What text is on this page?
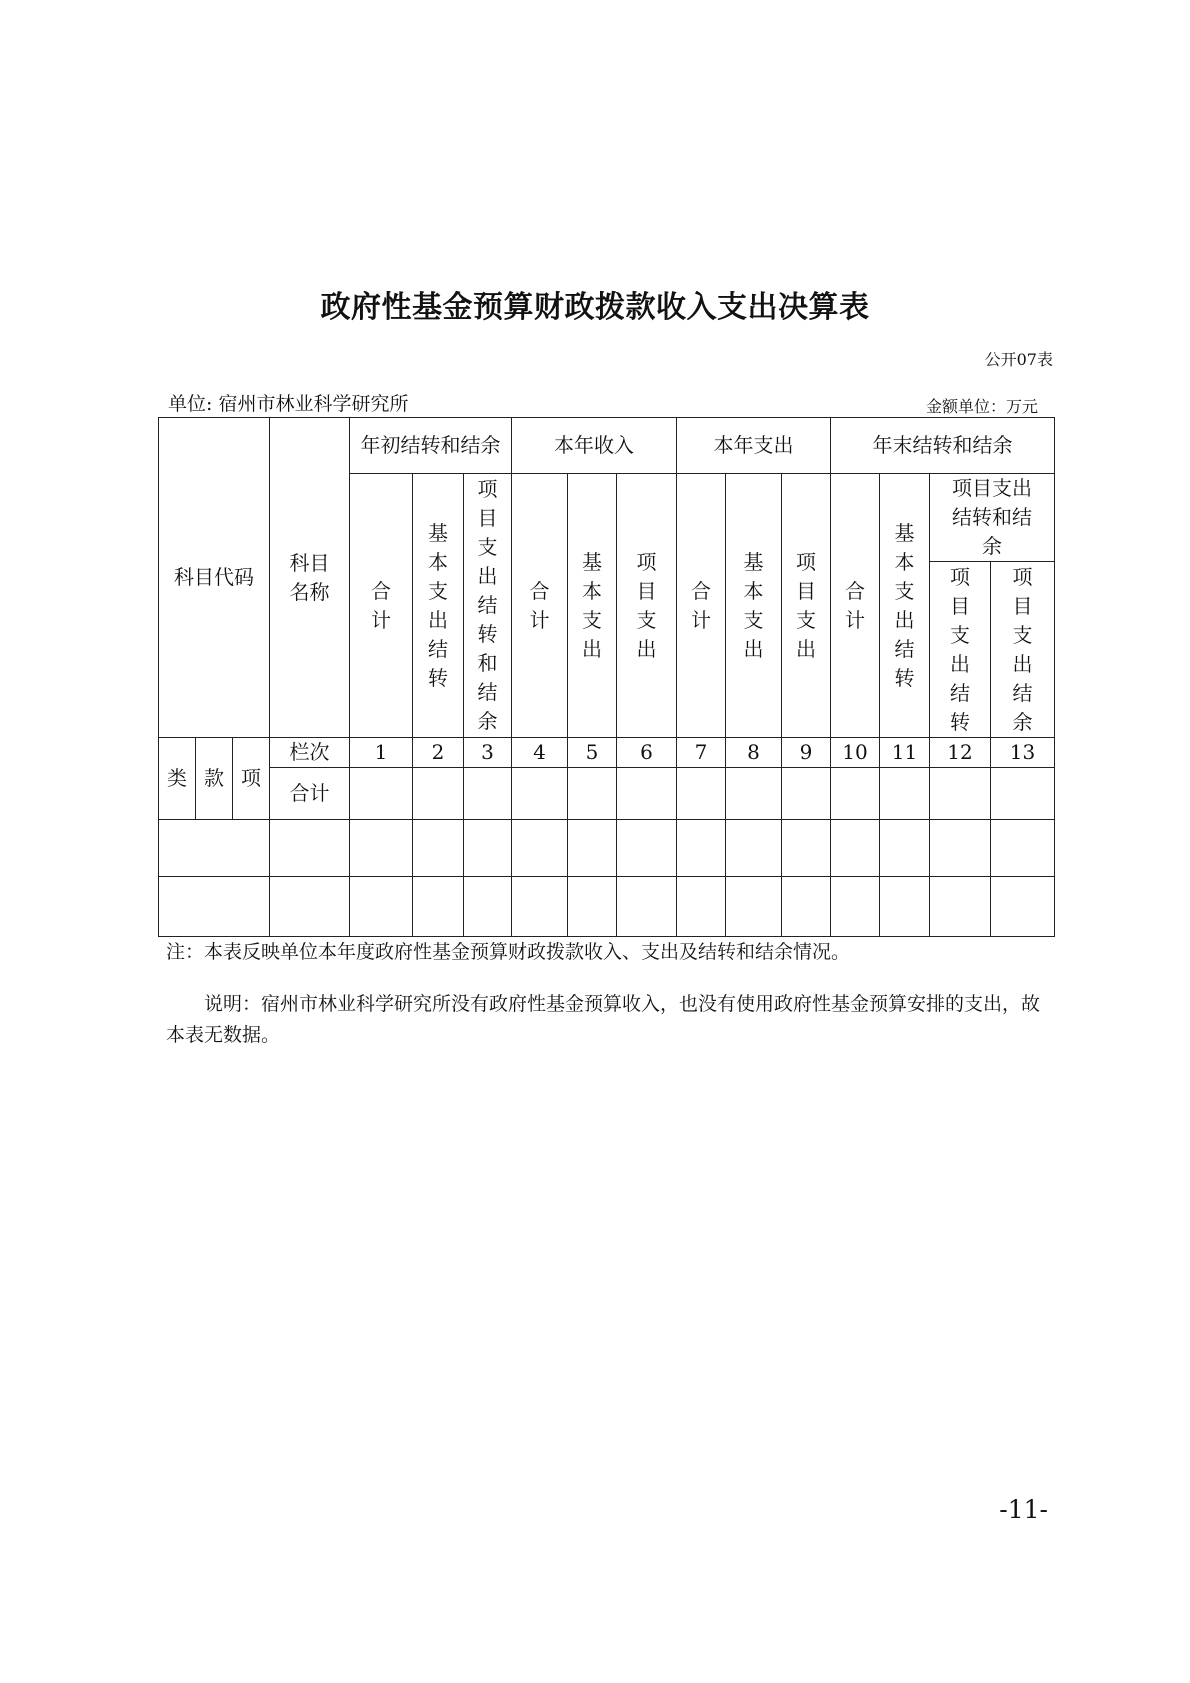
政府性基金预算财政拨款收入支出决算表
公开07表
单位: 宿州市林业科学研究所	金额单位：万元
科目代码			科目名称	年初结转和结余			本年收入			本年支出			年末结转和结余			
				合计	基本支出结转	项目支出结转和结余	合计	基本支出	项目支出	合计	基本支出	项目支出	合计	基本支出结转	项目支出结转和结余	
															项目支出结转	项目支出结余
类	款	项	栏次	1	2	3	4	5	6	7	8	9	10	11	12	13
			合计													

注：本表反映单位本年度政府性基金预算财政拨款收入、支出及结转和结余情况。
说明：宿州市林业科学研究所没有政府性基金预算收入，也没有使用政府性基金预算安排的支出，故本表无数据。
-11-
